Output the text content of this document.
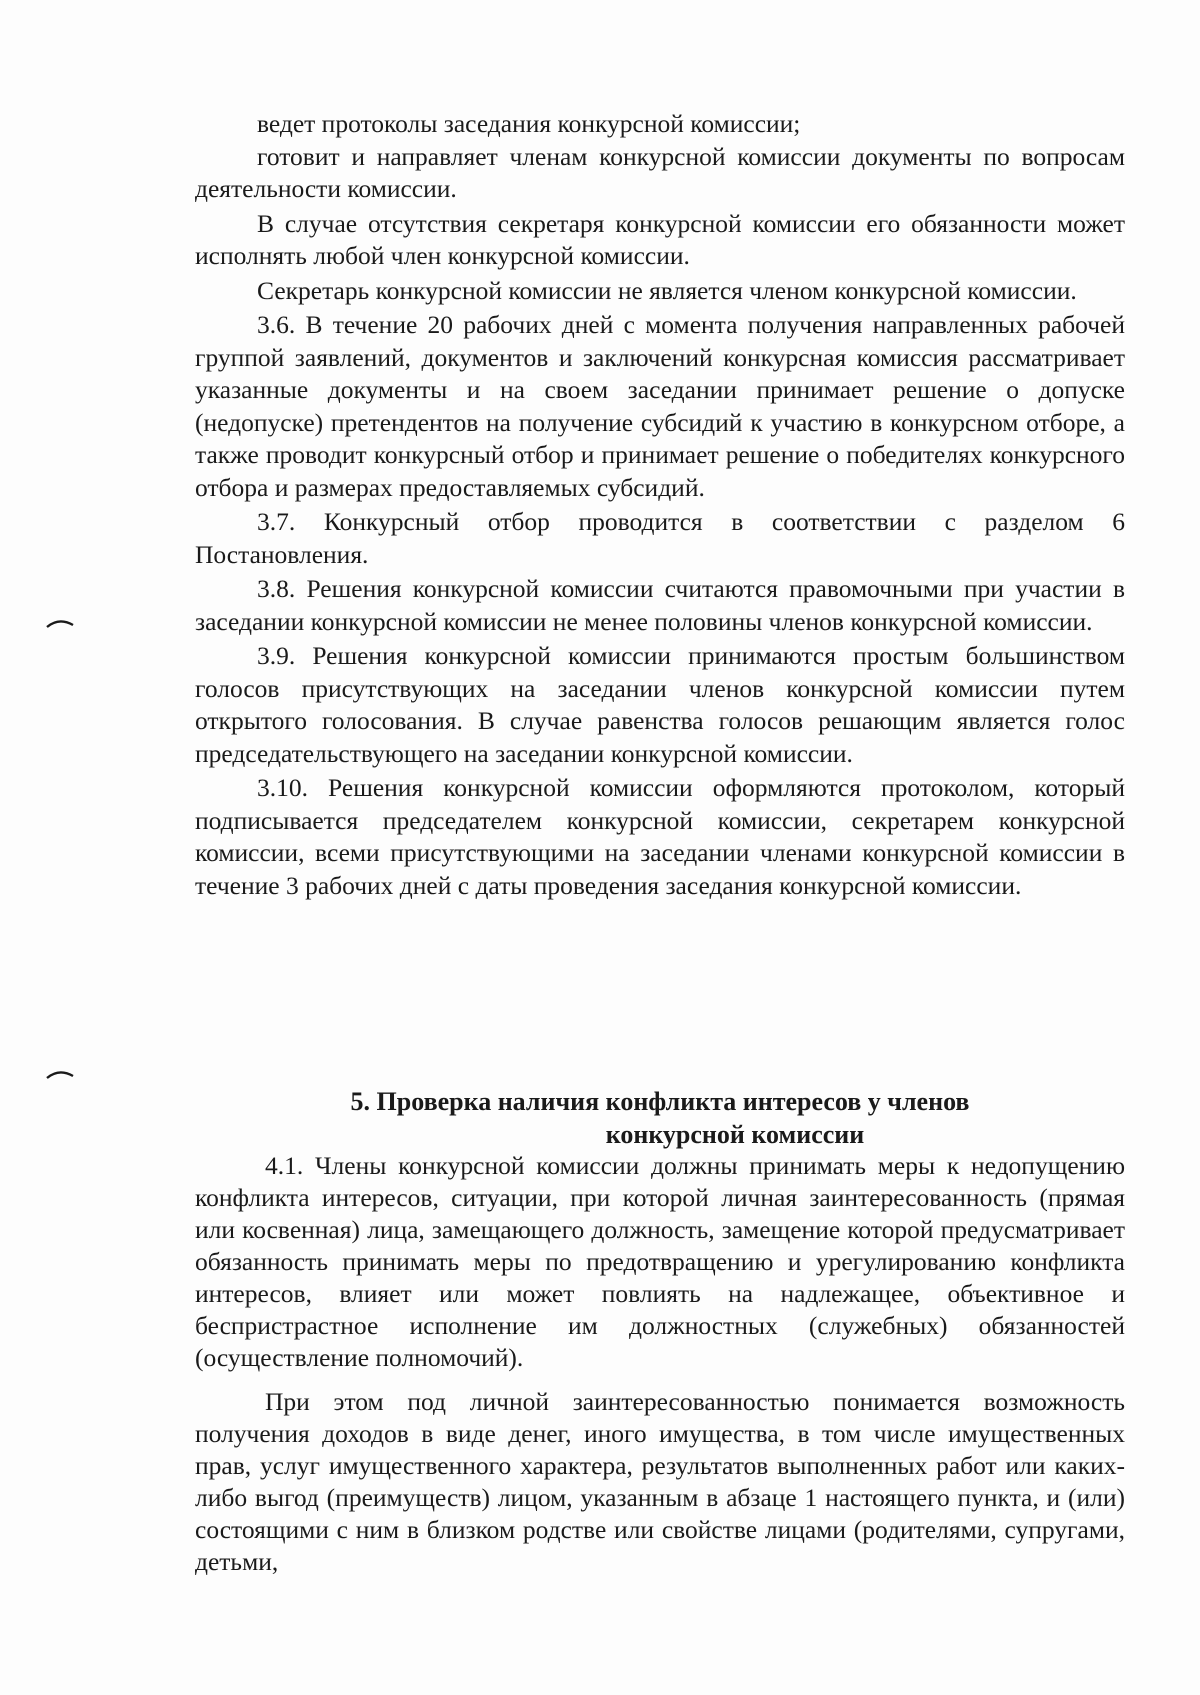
ведет протоколы заседания конкурсной комиссии;

готовит и направляет членам конкурсной комиссии документы по вопросам деятельности комиссии.

В случае отсутствия секретаря конкурсной комиссии его обязанности может исполнять любой член конкурсной комиссии.

Секретарь конкурсной комиссии не является членом конкурсной комиссии.

3.6. В течение 20 рабочих дней с момента получения направленных рабочей группой заявлений, документов и заключений конкурсная комиссия рассматривает указанные документы и на своем заседании принимает решение о допуске (недопуске) претендентов на получение субсидий к участию в конкурсном отборе, а также проводит конкурсный отбор и принимает решение о победителях конкурсного отбора и размерах предоставляемых субсидий.

3.7. Конкурсный отбор проводится в соответствии с разделом 6 Постановления.

3.8. Решения конкурсной комиссии считаются правомочными при участии в заседании конкурсной комиссии не менее половины членов конкурсной комиссии.

3.9. Решения конкурсной комиссии принимаются простым большинством голосов присутствующих на заседании членов конкурсной комиссии путем открытого голосования. В случае равенства голосов решающим является голос председательствующего на заседании конкурсной комиссии.

3.10. Решения конкурсной комиссии оформляются протоколом, который подписывается председателем конкурсной комиссии, секретарем конкурсной комиссии, всеми присутствующими на заседании членами конкурсной комиссии в течение 3 рабочих дней с даты проведения заседания конкурсной комиссии.

5. Проверка наличия конфликта интересов у членов
конкурсной комиссии

4.1. Члены конкурсной комиссии должны принимать меры к недопущению конфликта интересов, ситуации, при которой личная заинтересованность (прямая или косвенная) лица, замещающего должность, замещение которой предусматривает обязанность принимать меры по предотвращению и урегулированию конфликта интересов, влияет или может повлиять на надлежащее, объективное и беспристрастное исполнение им должностных (служебных) обязанностей (осуществление полномочий).

При этом под личной заинтересованностью понимается возможность получения доходов в виде денег, иного имущества, в том числе имущественных прав, услуг имущественного характера, результатов выполненных работ или каких-либо выгод (преимуществ) лицом, указанным в абзаце 1 настоящего пункта, и (или) состоящими с ним в близком родстве или свойстве лицами (родителями, супругами, детьми,
